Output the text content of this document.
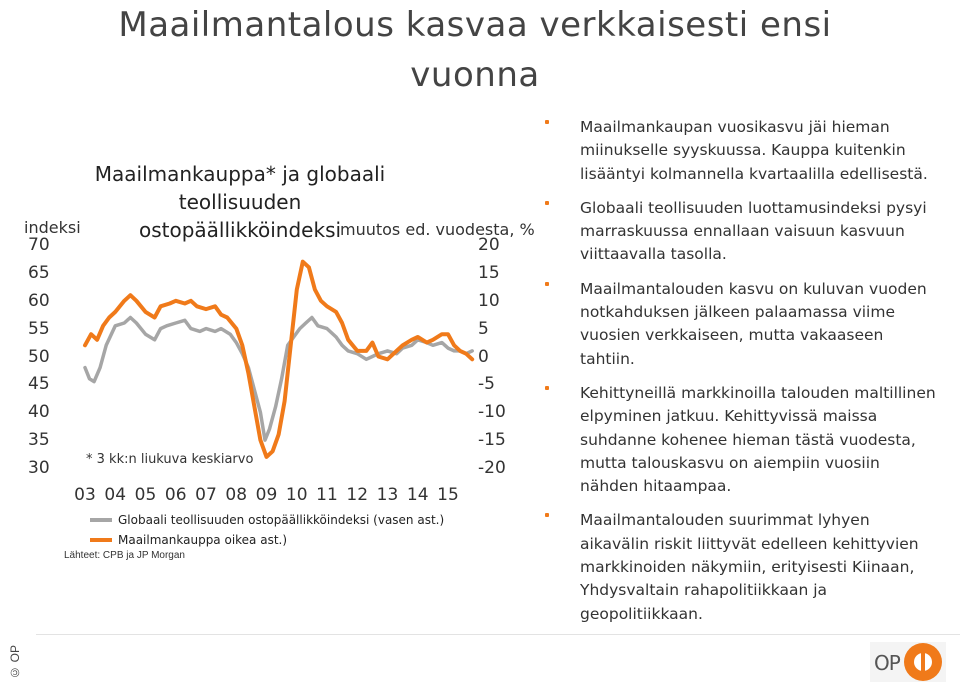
Maailmantalous kasvaa verkkaisesti ensi vuonna
Maailmankauppa* ja globaali teollisuuden ostopäällikköindeksi
indeksi	muutos ed. vuodesta, %
70
65
60
55
50
45
40
35
30
20
15
10
5
0
-5
-10
-15
-20
03 04 05 06 07 08 09 10 11 12 13 14 15
* 3 kk:n liukuva keskiarvo
Globaali teollisuuden ostopäällikköindeksi (vasen ast.)
Maailmankauppa oikea ast.)
Lähteet: CPB ja JP Morgan
Maailmankaupan vuosikasvu jäi hieman miinukselle syyskuussa. Kauppa kuitenkin lisääntyi kolmannella kvartaalilla edellisestä.
Globaali teollisuuden luottamusindeksi pysyi marraskuussa ennallaan vaisuun kasvuun viittaavalla tasolla.
Maailmantalouden kasvu on kuluvan vuoden notkahduksen jälkeen palaamassa viime vuosien verkkaiseen, mutta vakaaseen tahtiin.
Kehittyneillä markkinoilla talouden maltillinen elpyminen jatkuu. Kehittyvissä maissa suhdanne kohenee hieman tästä vuodesta, mutta talouskasvu on aiempiin vuosiin nähden hitaampaa.
Maailmantalouden suurimmat lyhyen aikavälin riskit liittyvät edelleen kehittyvien markkinoiden näkymiin, erityisesti Kiinaan, Yhdysvaltain rahapolitiikkaan ja geopolitiikkaan.
© OP	OP
